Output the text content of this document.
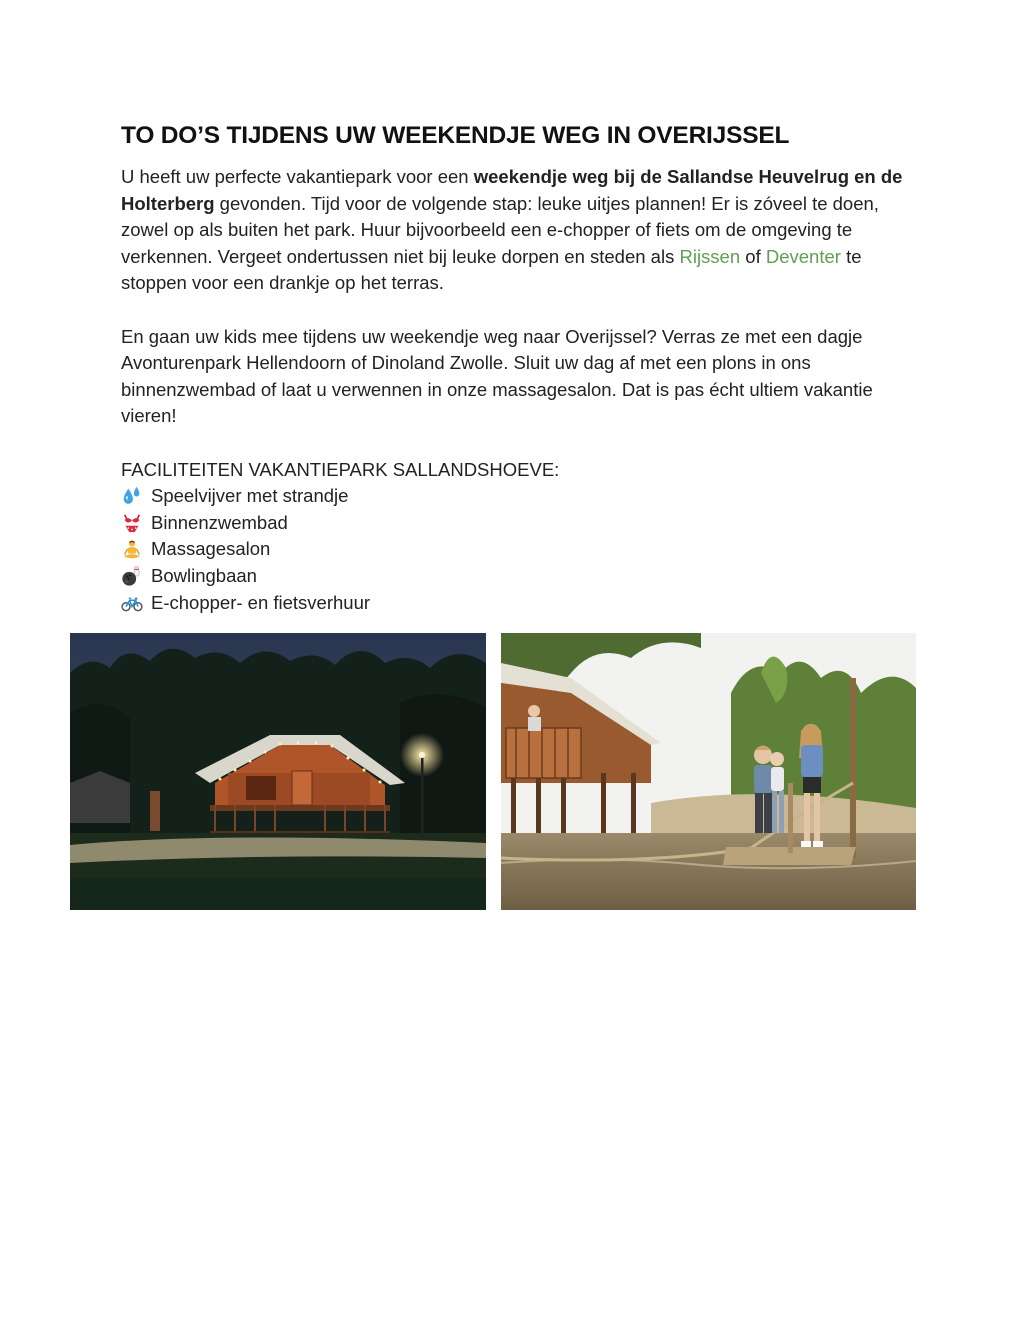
TO DO’S TIJDENS UW WEEKENDJE WEG IN OVERIJSSEL

U heeft uw perfecte vakantiepark voor een weekendje weg bij de Sallandse Heuvelrug en de Holterberg gevonden. Tijd voor de volgende stap: leuke uitjes plannen! Er is zóveel te doen, zowel op als buiten het park. Huur bijvoorbeeld een e-chopper of fiets om de omgeving te verkennen. Vergeet ondertussen niet bij leuke dorpen en steden als Rijssen of Deventer te stoppen voor een drankje op het terras.

En gaan uw kids mee tijdens uw weekendje weg naar Overijssel? Verras ze met een dagje Avonturenpark Hellendoorn of Dinoland Zwolle. Sluit uw dag af met een plons in ons binnenzwembad of laat u verwennen in onze massagesalon. Dat is pas écht ultiem vakantie vieren!

FACILITEITEN VAKANTIEPARK SALLANDSHOEVE:

Speelvijver met strandje
Binnenzwembad
Massagesalon
Bowlingbaan
E-chopper- en fietsverhuur
